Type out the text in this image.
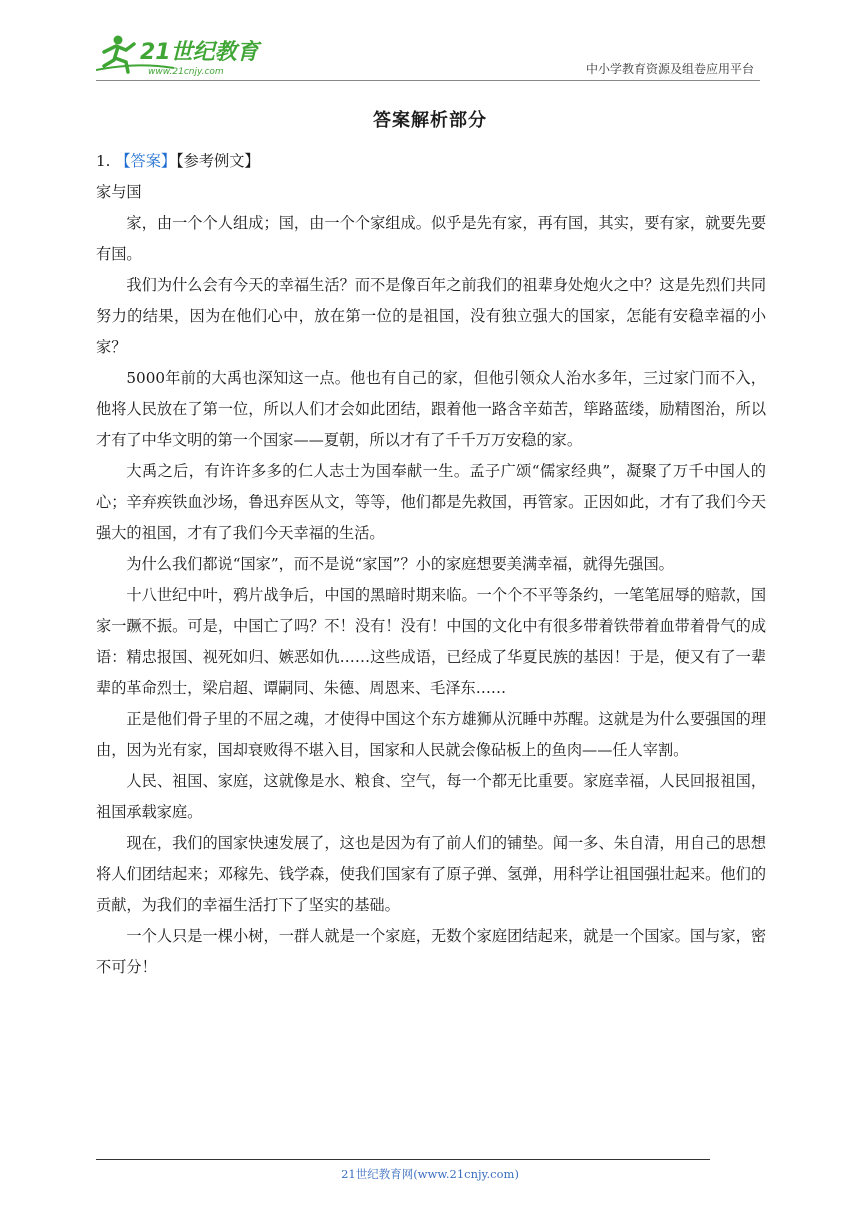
21世纪教育
www.21cnjy.com	中小学教育资源及组卷应用平台
答案解析部分

1. 【答案】【参考例文】

家与国

家，由一个个人组成；国，由一个个家组成。似乎是先有家，再有国，其实，要有家，就要先要有国。

我们为什么会有今天的幸福生活？而不是像百年之前我们的祖辈身处炮火之中？这是先烈们共同努力的结果，因为在他们心中，放在第一位的是祖国，没有独立强大的国家，怎能有安稳幸福的小家？

5000年前的大禹也深知这一点。他也有自己的家，但他引领众人治水多年，三过家门而不入，他将人民放在了第一位，所以人们才会如此团结，跟着他一路含辛茹苦，筚路蓝缕，励精图治，所以才有了中华文明的第一个国家——夏朝，所以才有了千千万万安稳的家。

大禹之后，有许许多多的仁人志士为国奉献一生。孟子广颂“儒家经典”，凝聚了万千中国人的心；辛弃疾铁血沙场，鲁迅弃医从文，等等，他们都是先救国，再管家。正因如此，才有了我们今天强大的祖国，才有了我们今天幸福的生活。

为什么我们都说“国家”，而不是说“家国”？小的家庭想要美满幸福，就得先强国。

十八世纪中叶，鸦片战争后，中国的黑暗时期来临。一个个不平等条约，一笔笔屈辱的赔款，国家一蹶不振。可是，中国亡了吗？不！没有！没有！中国的文化中有很多带着铁带着血带着骨气的成语：精忠报国、视死如归、嫉恶如仇……这些成语，已经成了华夏民族的基因！于是，便又有了一辈辈的革命烈士，梁启超、谭嗣同、朱德、周恩来、毛泽东……

正是他们骨子里的不屈之魂，才使得中国这个东方雄狮从沉睡中苏醒。这就是为什么要强国的理由，因为光有家，国却衰败得不堪入目，国家和人民就会像砧板上的鱼肉——任人宰割。

人民、祖国、家庭，这就像是水、粮食、空气，每一个都无比重要。家庭幸福，人民回报祖国，祖国承载家庭。

现在，我们的国家快速发展了，这也是因为有了前人们的铺垫。闻一多、朱自清，用自己的思想将人们团结起来；邓稼先、钱学森，使我们国家有了原子弹、氢弹，用科学让祖国强壮起来。他们的贡献，为我们的幸福生活打下了坚实的基础。

一个人只是一棵小树，一群人就是一个家庭，无数个家庭团结起来，就是一个国家。国与家，密不可分！

21世纪教育网(www.21cnjy.com)
